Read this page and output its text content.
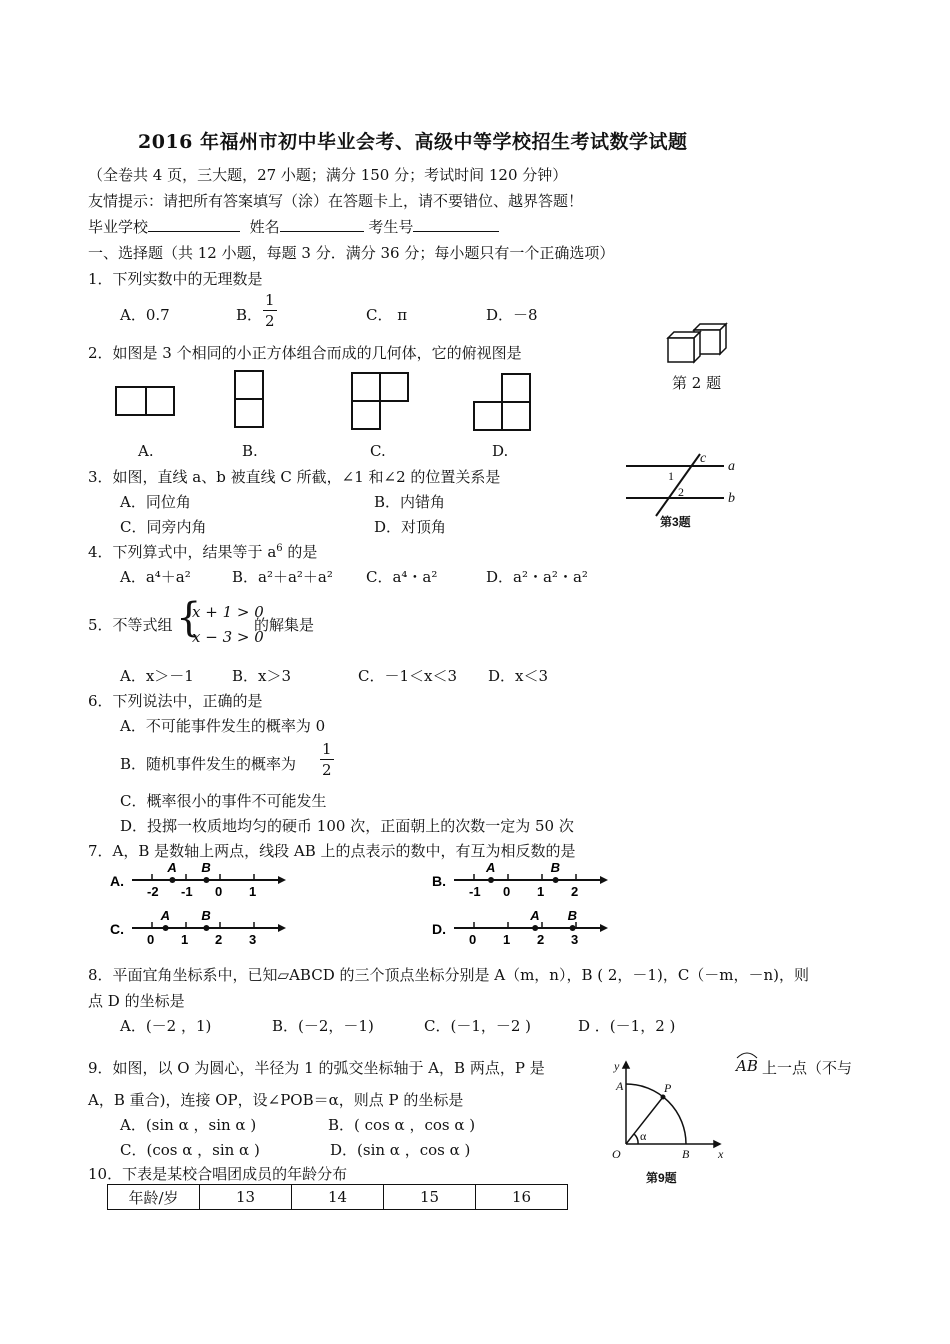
2016 年福州市初中毕业会考、高级中等学校招生考试数学试题
（全卷共 4 页，三大题，27 小题；满分 150 分；考试时间 120 分钟）
友情提示：请把所有答案填写（涂）在答题卡上，请不要错位、越界答题！
毕业学校	姓名	考生号
一、选择题（共 12 小题，每题 3 分．满分 36 分；每小题只有一个正确选项）
1．下列实数中的无理数是
A．0.7	B． $\frac{1}{2}$	C． π	D．－8
2．如图是 3 个相同的小正方体组合而成的几何体，它的俯视图是
第 2 题
A.	B.	C.	D.
3．如图，直线 a、b 被直线 C 所截，∠1 和∠2 的位置关系是
A．同位角	B．内错角
C．同旁内角	D．对顶角
c
a
b
1
2
第3题
4．下列算式中，结果等于 $a^6$ 的是
A．a⁴＋a²	B．a²＋a²＋a² C．a⁴・a²	D．a²・a²・a²
5．不等式组 {
x + 1 > 0
x − 3 > 0
的解集是
A．x＞－1	B．x＞3	C．－1＜x＜3 D．x＜3
6．下列说法中，正确的是
A．不可能事件发生的概率为 0
B．随机事件发生的概率为 $\frac{1}{2}$
C．概率很小的事件不可能发生
D．投掷一枚质地均匀的硬币 100 次，正面朝上的次数一定为 50 次
7．A，B 是数轴上两点，线段 AB 上的点表示的数中，有互为相反数的是
A.
-2 -1 0 1
A B
B.
-1 0 1 2
A	B
C.
0 1 2 3
A B
D.
0 1 2 3
A B
8．平面宜角坐标系中，已知▱ABCD 的三个顶点坐标分别是 A（m，n），B ( 2，－1)，C（－m，－n)，则
点 D 的坐标是
A．(－2 ，1)	B．(－2，－1)	C．(－1，－2 )	D ．(－1，2 )
9．如图，以 O 为圆心，半径为 1 的弧交坐标轴于 A，B 两点，P 是	AB 上一点（不与
A，B 重合)，连接 OP，设∠POB＝α，则点 P 的坐标是
A．(sin α ，sin α )	B．( cos α ，cos α )
C．(cos α ，sin α )	D．(sin α ，cos α )
y
A	P
α
O	B x
第9题
10．下表是某校合唱团成员的年龄分布
年龄/岁	13	14	15	16
